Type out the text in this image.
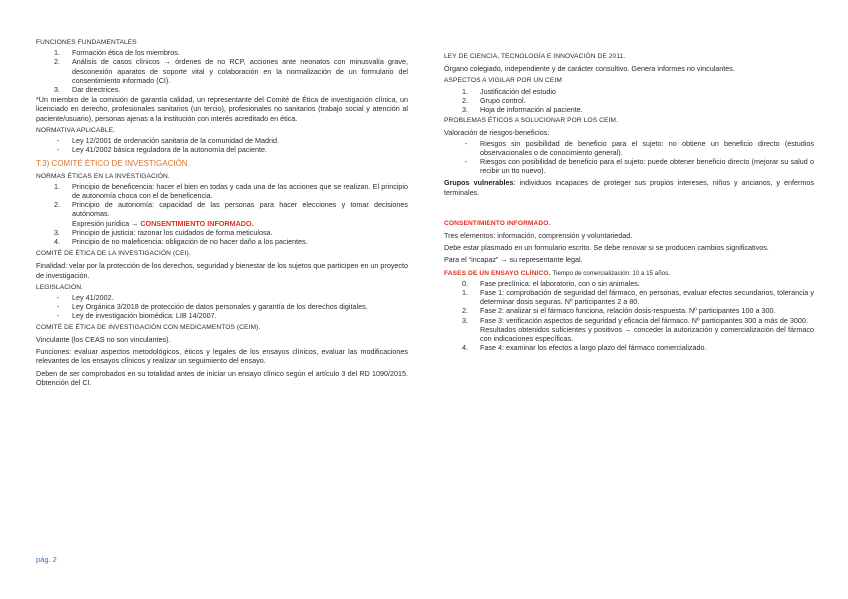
FUNCIONES FUNDAMENTALES
1. Formación ética de los miembros.
2. Análisis de casos clínicos → órdenes de no RCP, acciones ante neonatos con minusvalía grave, desconexión aparatos de soporte vital y colaboración en la normalización de un formulario del consentimiento informado (CI).
3. Dar directrices.
*Un miembro de la comisión de garantía calidad, un representante del Comité de Ética de investigación clínica, un licenciado en derecho, profesionales sanitarios (un tercio), profesionales no sanitarios (trabajo social y atención al paciente/usuario), personas ajenas a la institución con interés acreditado en ética.
NORMATIVA APLICABLE.
- Ley 12/2001 de ordenación sanitaria de la comunidad de Madrid.
- Ley 41/2002 básica reguladora de la autonomía del paciente.
T.3) COMITÉ ÉTICO DE INVESTIGACIÓN.
NORMAS ÉTICAS EN LA INVESTIGACIÓN.
1. Principio de beneficencia: hacer el bien en todas y cada una de las acciones que se realizan. El principio de autonomía choca con el de beneficencia.
2. Principio de autonomía: capacidad de las personas para hacer elecciones y tomar decisiones autónomas.
Expresión jurídica → CONSENTIMIENTO INFORMADO.
3. Principio de justicia: razonar los cuidados de forma meticulosa.
4. Principio de no maleficencia: obligación de no hacer daño a los pacientes.
COMITÉ DE ÉTICA DE LA INVESTIGACIÓN (CEI).
Finalidad: velar por la protección de los derechos, seguridad y bienestar de los sujetos que participen en un proyecto de investigación.
LEGISLACIÓN.
- Ley 41/2002.
- Ley Orgánica 3/2018 de protección de datos personales y garantía de los derechos digitales.
- Ley de investigación biomédica: LIB 14/2007.
COMITÉ DE ÉTICA DE INVESTIGACIÓN CON MEDICAMENTOS (CEIM).
Vinculante (los CEAS no son vinculantes).
Funciones: evaluar aspectos metodológicos, éticos y legales de los ensayos clínicos, evaluar las modificaciones relevantes de los ensayos clínicos y realizar un seguimiento del ensayo.
Deben de ser comprobados en su totalidad antes de iniciar un ensayo clínico según el artículo 3 del RD 1090/2015. Obtención del CI.
LEY DE CIENCIA, TECNOLOGÍA E INNOVACIÓN DE 2011.
Órgano colegiado, independiente y de carácter consultivo. Genera informes no vinculantes.
ASPECTOS A VIGILAR POR UN CEIM
1. Justificación del estudio
2. Grupo control.
3. Hoja de información al paciente.
PROBLEMAS ÉTICOS A SOLUCIONAR POR LOS CEIM.
Valoración de riesgos-beneficios:
- Riesgos sin posibilidad de beneficio para el sujeto: no obtiene un beneficio directo (estudios observacionales o de conocimiento general).
- Riesgos con posibilidad de beneficio para el sujeto: puede obtener beneficio directo (mejorar su salud o recibir un tto nuevo).
Grupos vulnerables: individuos incapaces de proteger sus propios intereses, niños y ancianos, y enfermos terminales.
CONSENTIMIENTO INFORMADO.
Tres elementos: información, comprensión y voluntariedad.
Debe estar plasmado en un formulario escrito. Se debe renovar si se producen cambios significativos.
Para el “incapaz” → su representante legal.
FASES DE UN ENSAYO CLÍNICO. Tiempo de comercialización: 10 a 15 años.
0. Fase preclínica: el laboratorio, con o sin animales.
1. Fase 1: comprobación de seguridad del fármaco, en personas, evaluar efectos secundarios, tolerancia y determinar dosis seguras. Nº participantes 2 a 80.
2. Fase 2: analizar si el fármaco funciona, relación dosis-respuesta. Nº participantes 100 a 300.
3. Fase 3: verificación aspectos de seguridad y eficacia del fármaco. Nº participantes 300 a más de 3000.
Resultados obtenidos suficientes y positivos → conceder la autorización y comercialización del fármaco con indicaciones específicas.
4. Fase 4: examinar los efectos a largo plazo del fármaco comercializado.
pág. 2
